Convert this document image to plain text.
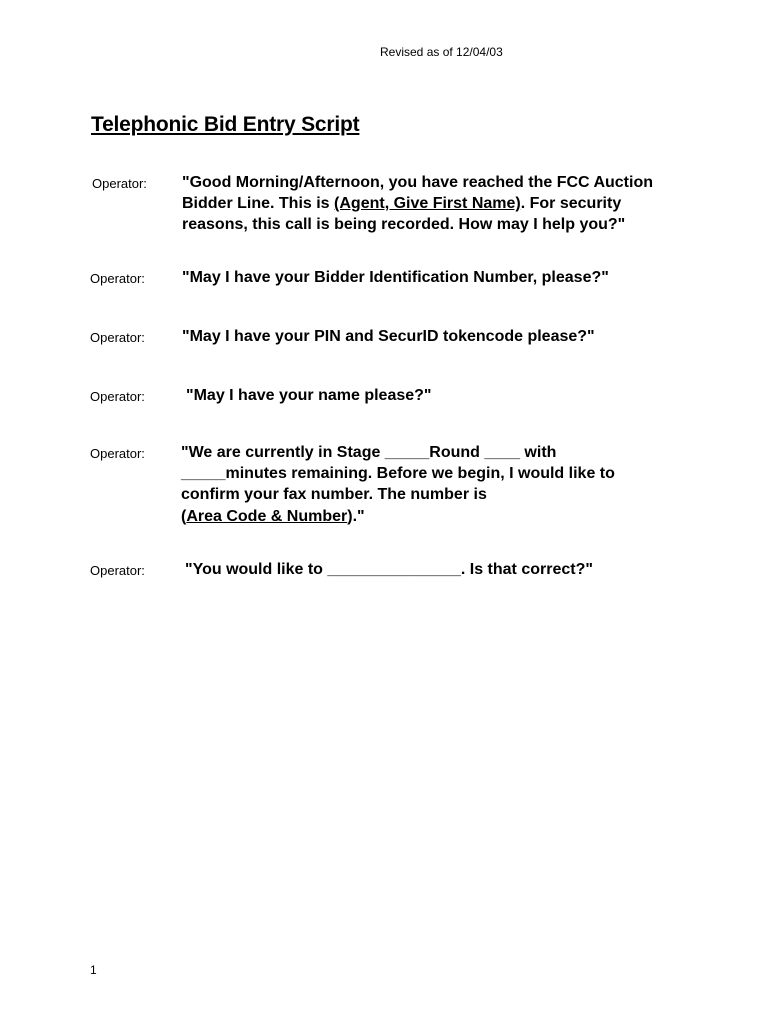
Revised as of 12/04/03
Telephonic Bid Entry Script
Operator: "Good Morning/Afternoon, you have reached the FCC Auction
Bidder Line. This is (Agent, Give First Name). For security
reasons, this call is being recorded. How may I help you?"
Operator: "May I have your Bidder Identification Number, please?"
Operator: "May I have your PIN and SecurID tokencode please?"
Operator:	"May I have your name please?"
Operator: "We are currently in Stage _____Round ____ with
_____minutes remaining. Before we begin, I would like to
confirm your fax number. The number is
(Area Code & Number)."
Operator:	"You would like to _______________. Is that correct?"
1
